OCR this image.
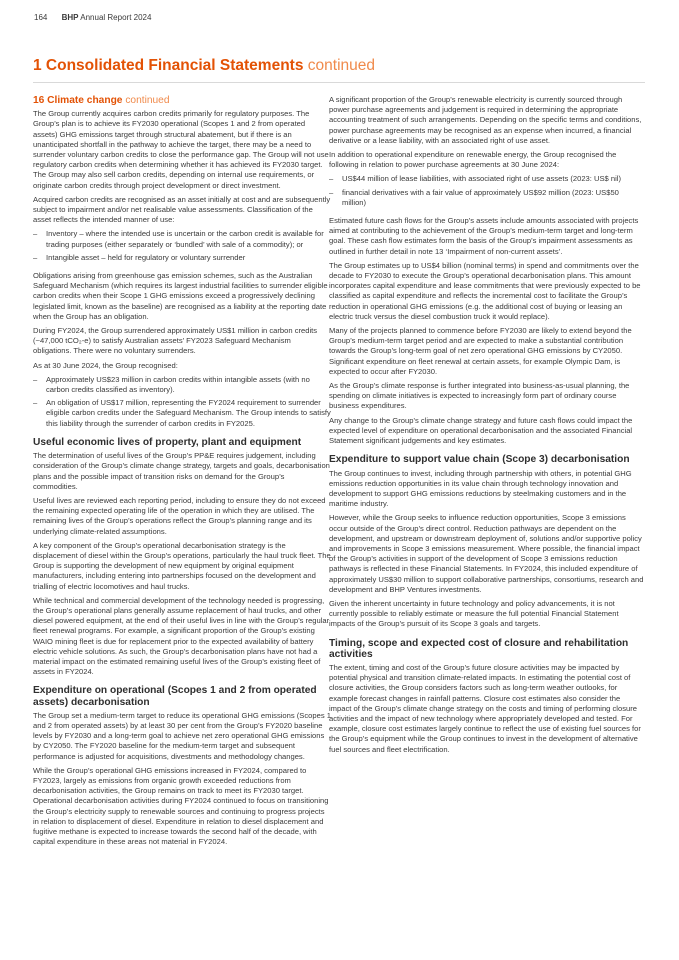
164 BHP Annual Report 2024
1 Consolidated Financial Statements continued
16 Climate change continued

The Group currently acquires carbon credits primarily for regulatory purposes. The Group’s plan is to achieve its FY2030 operational (Scopes 1 and 2 from operated assets) GHG emissions target through structural abatement, but if there is an unanticipated shortfall in the pathway to achieve the target, there may be a need to surrender voluntary carbon credits to close the performance gap. The Group will not use regulatory carbon credits when determining whether it has achieved its FY2030 target. The Group may also sell carbon credits, depending on internal use requirements, or originate carbon credits through project development or direct investment.

Acquired carbon credits are recognised as an asset initially at cost and are subsequently subject to impairment and/or net realisable value assessments. Classification of the asset reflects the intended manner of use:

– Inventory – where the intended use is uncertain or the carbon credit is available for trading purposes (either separately or ‘bundled’ with sale of a commodity); or
– Intangible asset – held for regulatory or voluntary surrender

Obligations arising from greenhouse gas emission schemes, such as the Australian Safeguard Mechanism (which requires its largest industrial facilities to surrender eligible carbon credits when their Scope 1 GHG emissions exceed a progressively declining legislated limit, known as the baseline) are recognised as a liability at the reporting date when the Group has an obligation.

During FY2024, the Group surrendered approximately US$1 million in carbon credits (~47,000 tCO₂-e) to satisfy Australian assets’ FY2023 Safeguard Mechanism obligations. There were no voluntary surrenders.

As at 30 June 2024, the Group recognised:

– Approximately US$23 million in carbon credits within intangible assets (with no carbon credits classified as inventory).
– An obligation of US$17 million, representing the FY2024 requirement to surrender eligible carbon credits under the Safeguard Mechanism. The Group intends to satisfy this liability through the surrender of carbon credits in FY2025.
Useful economic lives of property, plant and equipment

The determination of useful lives of the Group’s PP&E requires judgement, including consideration of the Group’s climate change strategy, targets and goals, decarbonisation plans and the possible impact of transition risks on demand for the Group’s commodities.

Useful lives are reviewed each reporting period, including to ensure they do not exceed the remaining expected operating life of the operation in which they are utilised. The remaining lives of the Group’s operations reflect the Group’s planning range and its underlying climate-related assumptions.

A key component of the Group’s operational decarbonisation strategy is the displacement of diesel within the Group’s operations, particularly the haul truck fleet. The Group is supporting the development of new equipment by original equipment manufacturers, including entering into partnerships focused on the development and trialling of electric locomotives and haul trucks.

While technical and commercial development of the technology needed is progressing, the Group’s operational plans generally assume replacement of haul trucks, and other diesel powered equipment, at the end of their useful lives in line with the Group’s regular fleet renewal programs. For example, a significant proportion of the Group’s existing WAIO mining fleet is due for replacement prior to the expected availability of battery electric vehicle solutions. As such, the Group’s decarbonisation plans have not had a material impact on the estimated remaining useful lives of the Group’s existing fleet of assets in FY2024.

Expenditure on operational (Scopes 1 and 2 from operated assets) decarbonisation

The Group set a medium-term target to reduce its operational GHG emissions (Scopes 1 and 2 from operated assets) by at least 30 per cent from the Group’s FY2020 baseline levels by FY2030 and a long-term goal to achieve net zero operational GHG emissions by CY2050. The FY2020 baseline for the medium-term target and subsequent performance is adjusted for acquisitions, divestments and methodology changes.

While the Group’s operational GHG emissions increased in FY2024, compared to FY2023, largely as emissions from organic growth exceeded reductions from decarbonisation activities, the Group remains on track to meet its FY2030 target. Operational decarbonisation activities during FY2024 continued to focus on transitioning the Group’s electricity supply to renewable sources and continuing to progress projects in relation to displacement of diesel. Expenditure in relation to diesel displacement and fugitive methane is expected to increase towards the second half of the decade, with capital expenditure in these areas not material in FY2024.

A significant proportion of the Group’s renewable electricity is currently sourced through power purchase agreements and judgement is required in determining the appropriate accounting treatment of such arrangements. Depending on the specific terms and conditions, power purchase agreements may be recognised as an expense when incurred, a financial derivative or a lease liability, with an associated right of use asset.

In addition to operational expenditure on renewable energy, the Group recognised the following in relation to power purchase agreements at 30 June 2024:

– US$44 million of lease liabilities, with associated right of use assets (2023: US$ nil)
– financial derivatives with a fair value of approximately US$92 million (2023: US$50 million)

Estimated future cash flows for the Group’s assets include amounts associated with projects aimed at contributing to the achievement of the Group’s medium-term target and long-term goal. These cash flow estimates form the basis of the Group’s impairment assessments as outlined in further detail in note 13 ‘Impairment of non-current assets’.

The Group estimates up to US$4 billion (nominal terms) in spend and commitments over the decade to FY2030 to execute the Group’s operational decarbonisation plans. This amount incorporates capital expenditure and lease commitments that were previously expected to be classified as capital expenditure and reflects the incremental cost to facilitate the Group’s reduction in operational GHG emissions (e.g. the additional cost of buying or leasing an electric truck versus the diesel combustion truck it would replace).

Many of the projects planned to commence before FY2030 are likely to extend beyond the Group’s medium-term target period and are expected to make a substantial contribution towards the Group’s long-term goal of net zero operational GHG emissions by CY2050. Significant expenditure on fleet renewal at certain assets, for example Olympic Dam, is expected to occur after FY2030.

As the Group’s climate response is further integrated into business-as-usual planning, the spending on climate initiatives is expected to increasingly form part of ordinary course business expenditures.

Any change to the Group’s climate change strategy and future cash flows could impact the expected level of expenditure on operational decarbonisation and the associated Financial Statement significant judgements and key estimates.

Expenditure to support value chain (Scope 3) decarbonisation

The Group continues to invest, including through partnership with others, in potential GHG emissions reduction opportunities in its value chain through technology innovation and development to support GHG emissions reductions by steelmaking customers and in the maritime industry.

However, while the Group seeks to influence reduction opportunities, Scope 3 emissions occur outside of the Group’s direct control. Reduction pathways are dependent on the development, and upstream or downstream deployment of, solutions and/or supportive policy and improvements in Scope 3 emissions measurement. Where possible, the financial impact of the Group’s activities in support of the development of Scope 3 emissions reduction pathways is reflected in these Financial Statements. In FY2024, this included expenditure of approximately US$30 million to support collaborative partnerships, consortiums, research and development and BHP Ventures investments.

Given the inherent uncertainty in future technology and policy advancements, it is not currently possible to reliably estimate or measure the full potential Financial Statement impacts of the Group’s pursuit of its Scope 3 goals and targets.

Timing, scope and expected cost of closure and rehabilitation activities

The extent, timing and cost of the Group’s future closure activities may be impacted by potential physical and transition climate-related impacts. In estimating the potential cost of closure activities, the Group considers factors such as long-term weather outlooks, for example forecast changes in rainfall patterns. Closure cost estimates also consider the impact of the Group’s climate change strategy on the costs and timing of performing closure activities and the impact of new technology where appropriately developed and tested. For example, closure cost estimates largely continue to reflect the use of existing fuel sources for the Group’s equipment while the Group continues to invest in the development of alternative fuel sources and fleet electrification.
